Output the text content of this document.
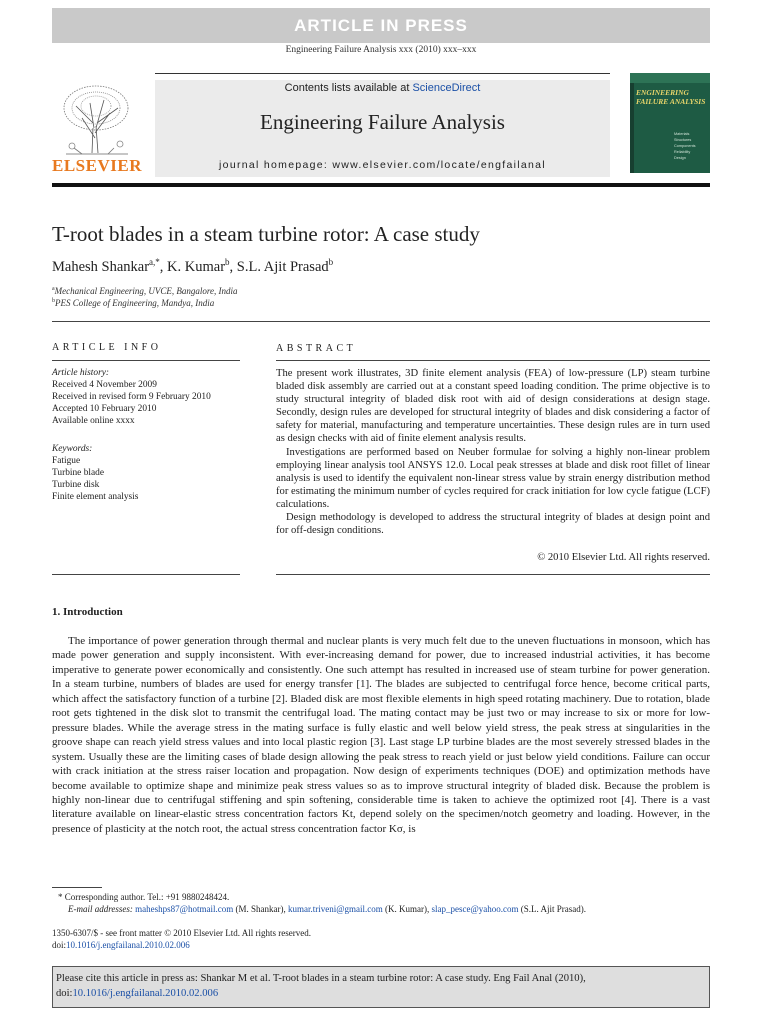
ARTICLE IN PRESS
Engineering Failure Analysis xxx (2010) xxx–xxx
Contents lists available at ScienceDirect
Engineering Failure Analysis
journal homepage: www.elsevier.com/locate/engfailanal
ELSEVIER
ENGINEERING FAILURE ANALYSIS
Materials
Structures
Components
Reliability
Design
T-root blades in a steam turbine rotor: A case study
Mahesh Shankar$^{a,*}$, K. Kumar$^b$, S.L. Ajit Prasad$^b$
$^a$Mechanical Engineering, UVCE, Bangalore, India
$^b$PES College of Engineering, Mandya, India
ARTICLE INFO
Article history:
Received 4 November 2009
Received in revised form 9 February 2010
Accepted 10 February 2010
Available online xxxx
Keywords:
Fatigue
Turbine blade
Turbine disk
Finite element analysis
ABSTRACT

The present work illustrates, 3D finite element analysis (FEA) of low-pressure (LP) steam turbine bladed disk assembly are carried out at a constant speed loading condition. The prime objective is to study structural integrity of bladed disk root with aid of design considerations at design stage. Secondly, design rules are developed for structural integrity of blades and disk considering a factor of safety for material, manufacturing and temperature uncertainties. These design rules are in turn used as design checks with aid of finite element analysis results.

Investigations are performed based on Neuber formulae for solving a highly non-linear problem employing linear analysis tool ANSYS 12.0. Local peak stresses at blade and disk root fillet of linear analysis is used to identify the equivalent non-linear stress value by strain energy distribution method for estimating the minimum number of cycles required for crack initiation for low cycle fatigue (LCF) calculations.

Design methodology is developed to address the structural integrity of blades at design point and for off-design conditions.

© 2010 Elsevier Ltd. All rights reserved.
1. Introduction

The importance of power generation through thermal and nuclear plants is very much felt due to the uneven fluctuations in monsoon, which has made power generation and supply inconsistent. With ever-increasing demand for power, due to increased industrial activities, it has become imperative to generate power economically and consistently. One such attempt has resulted in increased use of steam turbine for power generation. In a steam turbine, numbers of blades are used for energy transfer [1]. The blades are subjected to centrifugal force hence, become critical parts, which affect the satisfactory function of a turbine [2]. Bladed disk are most flexible elements in high speed rotating machinery. Due to rotation, blade root gets tightened in the disk slot to transmit the centrifugal load. The mating contact may be just two or may increase to six or more for low-pressure blades. While the average stress in the mating surface is fully elastic and well below yield stress, the peak stress at singularities in the groove shape can reach yield stress values and into local plastic region [3]. Last stage LP turbine blades are the most severely stressed blades in the system. Usually these are the limiting cases of blade design allowing the peak stress to reach yield or just below yield conditions. Failure can occur with crack initiation at the stress raiser location and propagation. Now design of experiments techniques (DOE) and optimization methods have become available to optimize shape and minimize peak stress values so as to improve structural integrity of bladed disk. Because the problem is highly non-linear due to centrifugal stiffening and spin softening, considerable time is taken to achieve the optimized root [4]. There is a vast literature available on linear-elastic stress concentration factors Kt, depend solely on the specimen/notch geometry and loading. However, in the presence of plasticity at the notch root, the actual stress concentration factor Kσ, is

* Corresponding author. Tel.: +91 9880248424.
E-mail addresses: maheshps87@hotmail.com (M. Shankar), kumar.triveni@gmail.com (K. Kumar), slap_pesce@yahoo.com (S.L. Ajit Prasad).
1350-6307/$ - see front matter © 2010 Elsevier Ltd. All rights reserved.
doi:10.1016/j.engfailanal.2010.02.006
Please cite this article in press as: Shankar M et al. T-root blades in a steam turbine rotor: A case study. Eng Fail Anal (2010), doi:10.1016/j.engfailanal.2010.02.006
